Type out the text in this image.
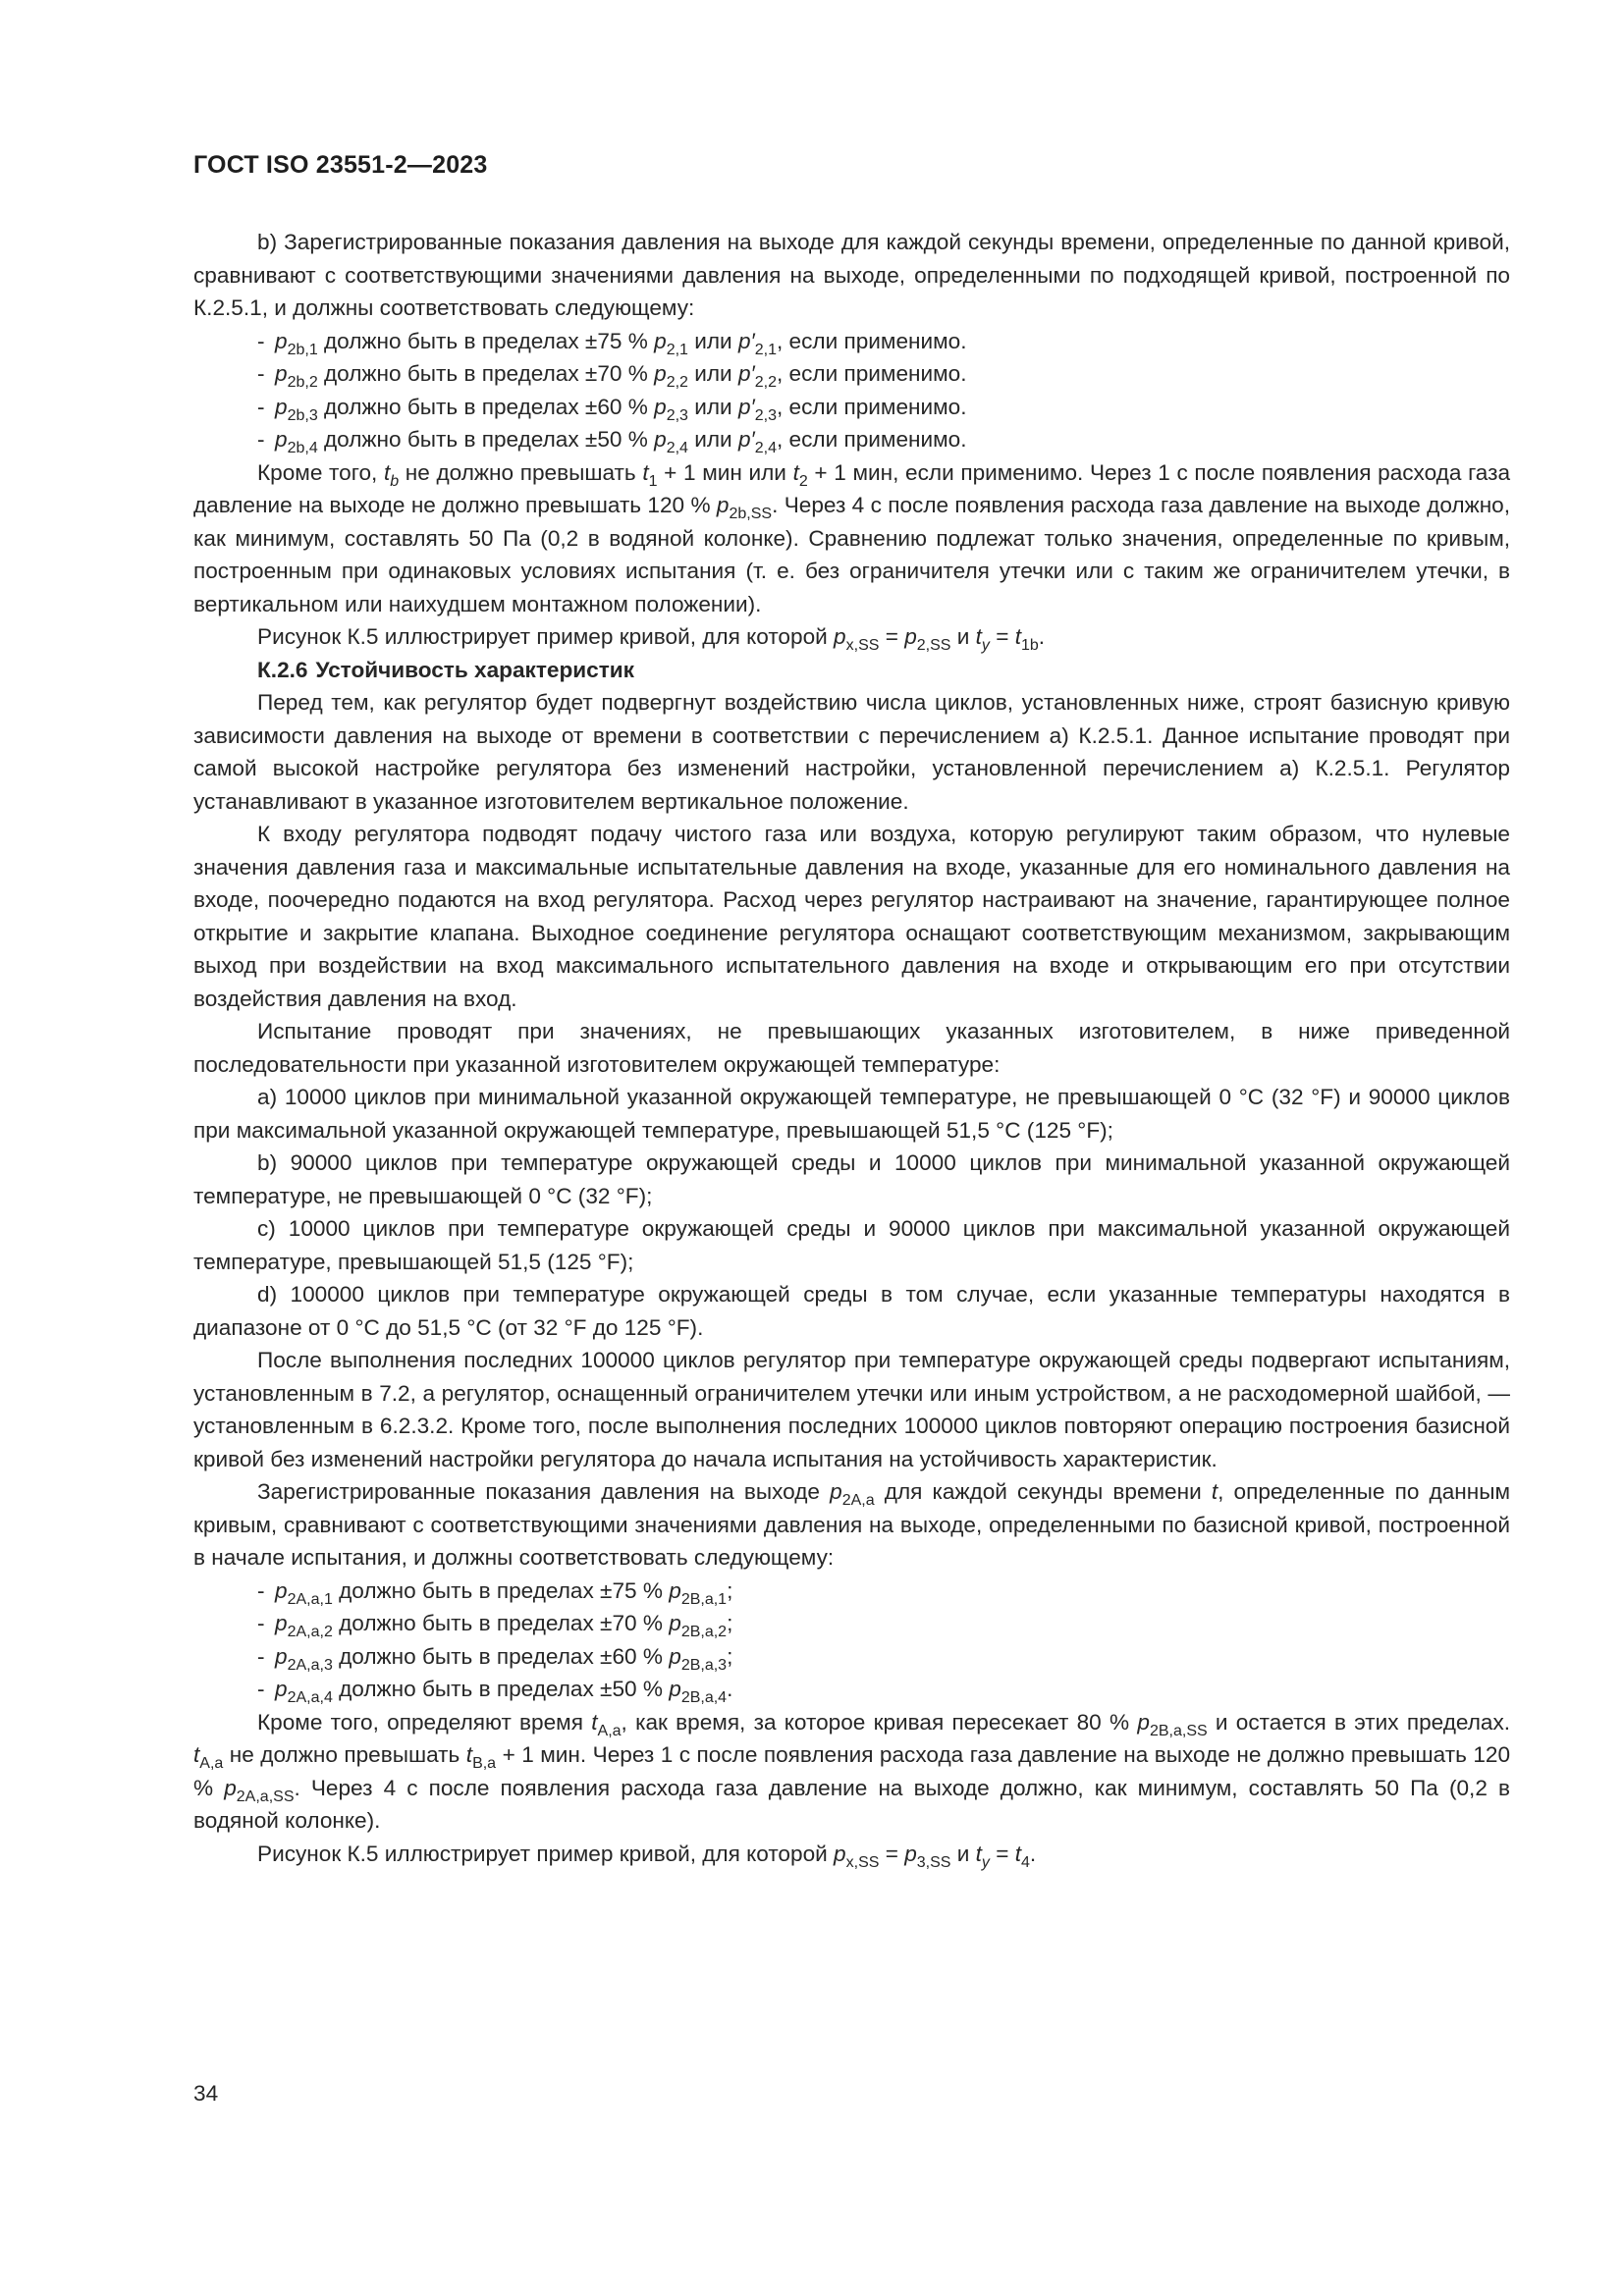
ГОСТ ISO 23551-2—2023

b) Зарегистрированные показания давления на выходе для каждой секунды времени, определенные по данной кривой, сравнивают с соответствующими значениями давления на выходе, определенными по подходящей кривой, построенной по К.2.5.1, и должны соответствовать следующему:

- $p_{2b,1}$ должно быть в пределах ±75 % $p_{2,1}$ или $p'_{2,1}$, если применимо.
- $p_{2b,2}$ должно быть в пределах ±70 % $p_{2,2}$ или $p'_{2,2}$, если применимо.
- $p_{2b,3}$ должно быть в пределах ±60 % $p_{2,3}$ или $p'_{2,3}$, если применимо.
- $p_{2b,4}$ должно быть в пределах ±50 % $p_{2,4}$ или $p'_{2,4}$, если применимо.

Кроме того, $t_b$ не должно превышать $t_1 + 1$ мин или $t_2 + 1$ мин, если применимо. Через 1 с после появления расхода газа давление на выходе не должно превышать 120 % $p_{2b,SS}$. Через 4 с после появления расхода газа давление на выходе должно, как минимум, составлять 50 Па (0,2 в водяной колонке). Сравнению подлежат только значения, определенные по кривым, построенным при одинаковых условиях испытания (т. е. без ограничителя утечки или с таким же ограничителем утечки, в вертикальном или наихудшем монтажном положении).

Рисунок К.5 иллюстрирует пример кривой, для которой $p_{x,SS} = p_{2,SS}$ и $t_y = t_{1b}$.

К.2.6 Устойчивость характеристик

Перед тем, как регулятор будет подвергнут воздействию числа циклов, установленных ниже, строят базисную кривую зависимости давления на выходе от времени в соответствии с перечислением а) К.2.5.1. Данное испытание проводят при самой высокой настройке регулятора без изменений настройки, установленной перечислением а) К.2.5.1. Регулятор устанавливают в указанное изготовителем вертикальное положение.

К входу регулятора подводят подачу чистого газа или воздуха, которую регулируют таким образом, что нулевые значения давления газа и максимальные испытательные давления на входе, указанные для его номинального давления на входе, поочередно подаются на вход регулятора. Расход через регулятор настраивают на значение, гарантирующее полное открытие и закрытие клапана. Выходное соединение регулятора оснащают соответствующим механизмом, закрывающим выход при воздействии на вход максимального испытательного давления на входе и открывающим его при отсутствии воздействия давления на вход.

Испытание проводят при значениях, не превышающих указанных изготовителем, в ниже приведенной последовательности при указанной изготовителем окружающей температуре:

а) 10000 циклов при минимальной указанной окружающей температуре, не превышающей 0 °С (32 °F) и 90000 циклов при максимальной указанной окружающей температуре, превышающей 51,5 °С (125 °F);

b) 90000 циклов при температуре окружающей среды и 10000 циклов при минимальной указанной окружающей температуре, не превышающей 0 °С (32 °F);

с) 10000 циклов при температуре окружающей среды и 90000 циклов при максимальной указанной окружающей температуре, превышающей 51,5 (125 °F);

d) 100000 циклов при температуре окружающей среды в том случае, если указанные температуры находятся в диапазоне от 0 °С до 51,5 °С (от 32 °F до 125 °F).

После выполнения последних 100000 циклов регулятор при температуре окружающей среды подвергают испытаниям, установленным в 7.2, а регулятор, оснащенный ограничителем утечки или иным устройством, а не расходомерной шайбой, — установленным в 6.2.3.2. Кроме того, после выполнения последних 100000 циклов повторяют операцию построения базисной кривой без изменений настройки регулятора до начала испытания на устойчивость характеристик.

Зарегистрированные показания давления на выходе $p_{2A,a}$ для каждой секунды времени t, определенные по данным кривым, сравнивают с соответствующими значениями давления на выходе, определенными по базисной кривой, построенной в начале испытания, и должны соответствовать следующему:

- $p_{2A,a,1}$ должно быть в пределах ±75 % $p_{2B,a,1}$;
- $p_{2A,a,2}$ должно быть в пределах ±70 % $p_{2B,a,2}$;
- $p_{2A,a,3}$ должно быть в пределах ±60 % $p_{2B,a,3}$;
- $p_{2A,a,4}$ должно быть в пределах ±50 % $p_{2B,a,4}$.

Кроме того, определяют время $t_{A,a}$, как время, за которое кривая пересекает 80 % $p_{2B,a,SS}$ и остается в этих пределах. $t_{A,a}$ не должно превышать $t_{B,a} + 1$ мин. Через 1 с после появления расхода газа давление на выходе не должно превышать 120 % $p_{2A,a,SS}$. Через 4 с после появления расхода газа давление на выходе должно, как минимум, составлять 50 Па (0,2 в водяной колонке).

Рисунок К.5 иллюстрирует пример кривой, для которой $p_{x,SS} = p_{3,SS}$ и $t_y = t_4$.

34
